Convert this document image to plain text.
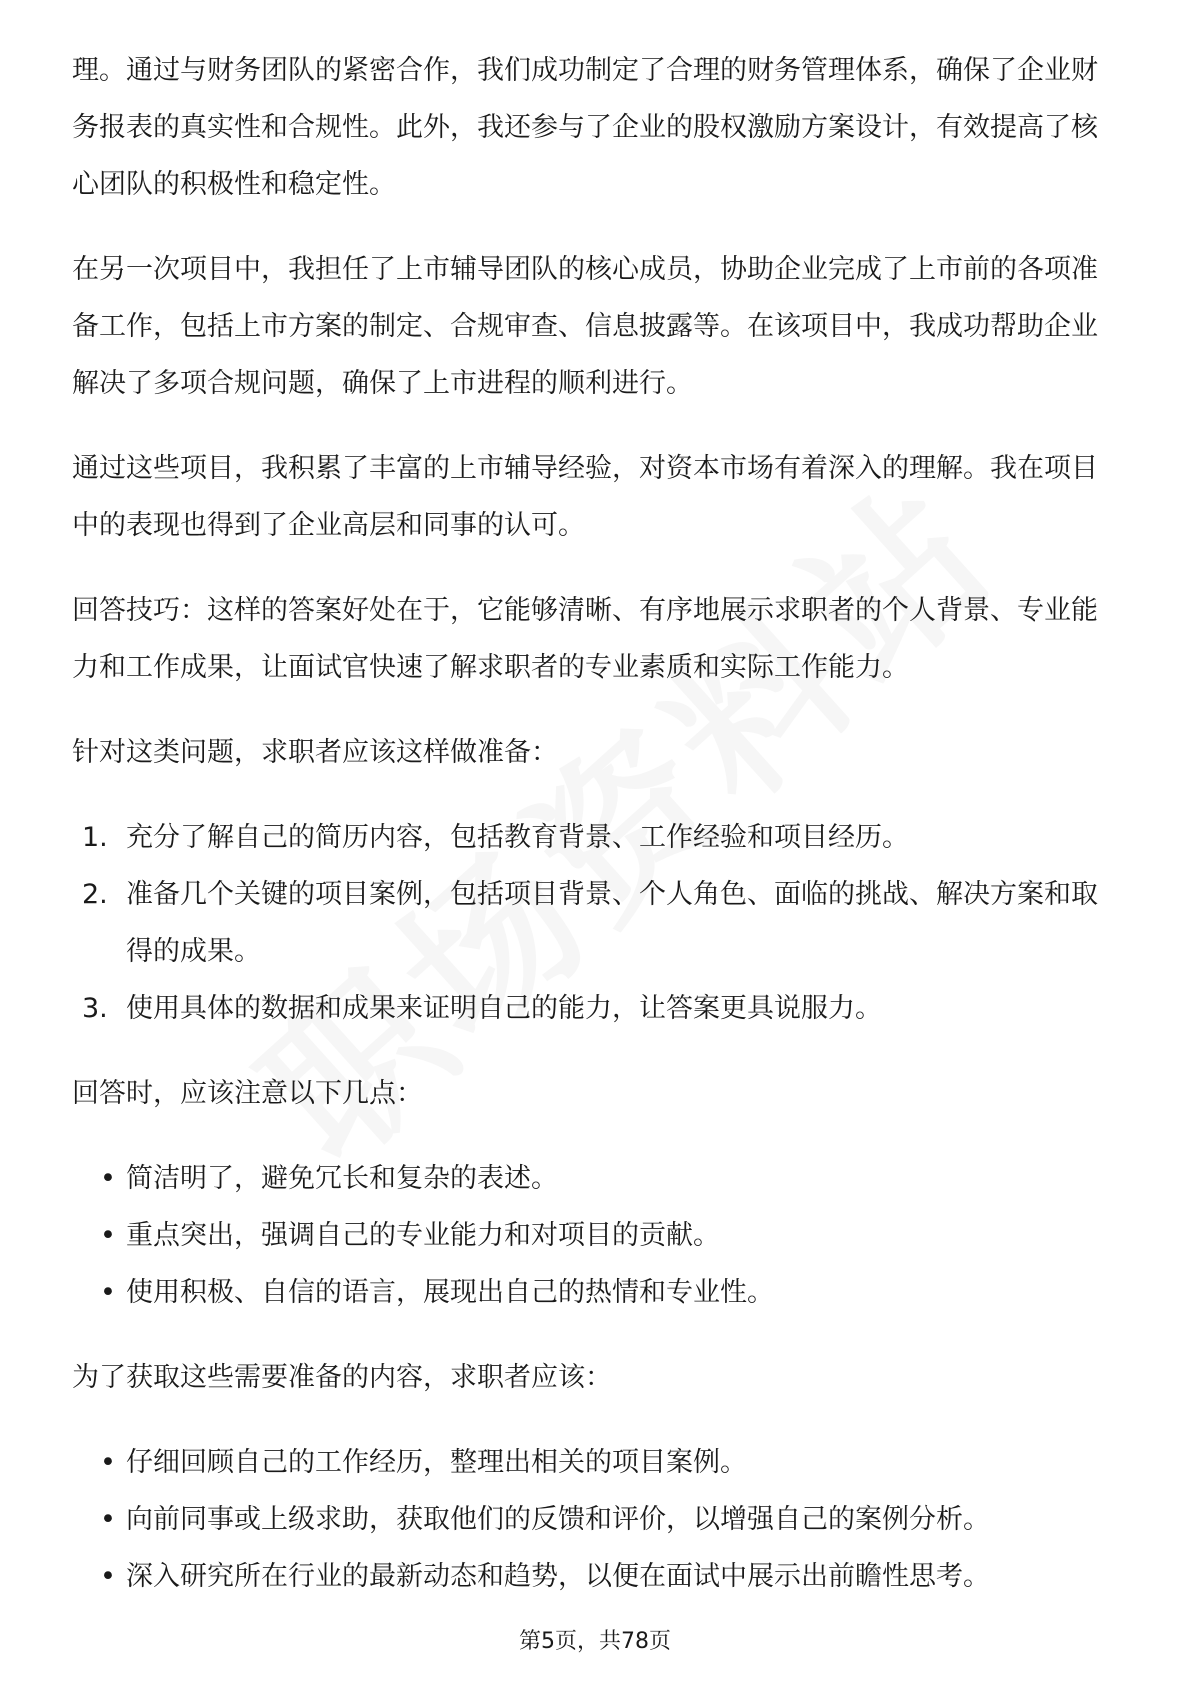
理。通过与财务团队的紧密合作，我们成功制定了合理的财务管理体系，确保了企业财务报表的真实性和合规性。此外，我还参与了企业的股权激励方案设计，有效提高了核心团队的积极性和稳定性。

在另一次项目中，我担任了上市辅导团队的核心成员，协助企业完成了上市前的各项准备工作，包括上市方案的制定、合规审查、信息披露等。在该项目中，我成功帮助企业解决了多项合规问题，确保了上市进程的顺利进行。

通过这些项目，我积累了丰富的上市辅导经验，对资本市场有着深入的理解。我在项目中的表现也得到了企业高层和同事的认可。

回答技巧：这样的答案好处在于，它能够清晰、有序地展示求职者的个人背景、专业能力和工作成果，让面试官快速了解求职者的专业素质和实际工作能力。

针对这类问题，求职者应该这样做准备：

1. 充分了解自己的简历内容，包括教育背景、工作经验和项目经历。
2. 准备几个关键的项目案例，包括项目背景、个人角色、面临的挑战、解决方案和取得的成果。
3. 使用具体的数据和成果来证明自己的能力，让答案更具说服力。

回答时，应该注意以下几点：

• 简洁明了，避免冗长和复杂的表述。
• 重点突出，强调自己的专业能力和对项目的贡献。
• 使用积极、自信的语言，展现出自己的热情和专业性。

为了获取这些需要准备的内容，求职者应该：

• 仔细回顾自己的工作经历，整理出相关的项目案例。
• 向前同事或上级求助，获取他们的反馈和评价，以增强自己的案例分析。
• 深入研究所在行业的最新动态和趋势，以便在面试中展示出前瞻性思考。
第5页，共78页
